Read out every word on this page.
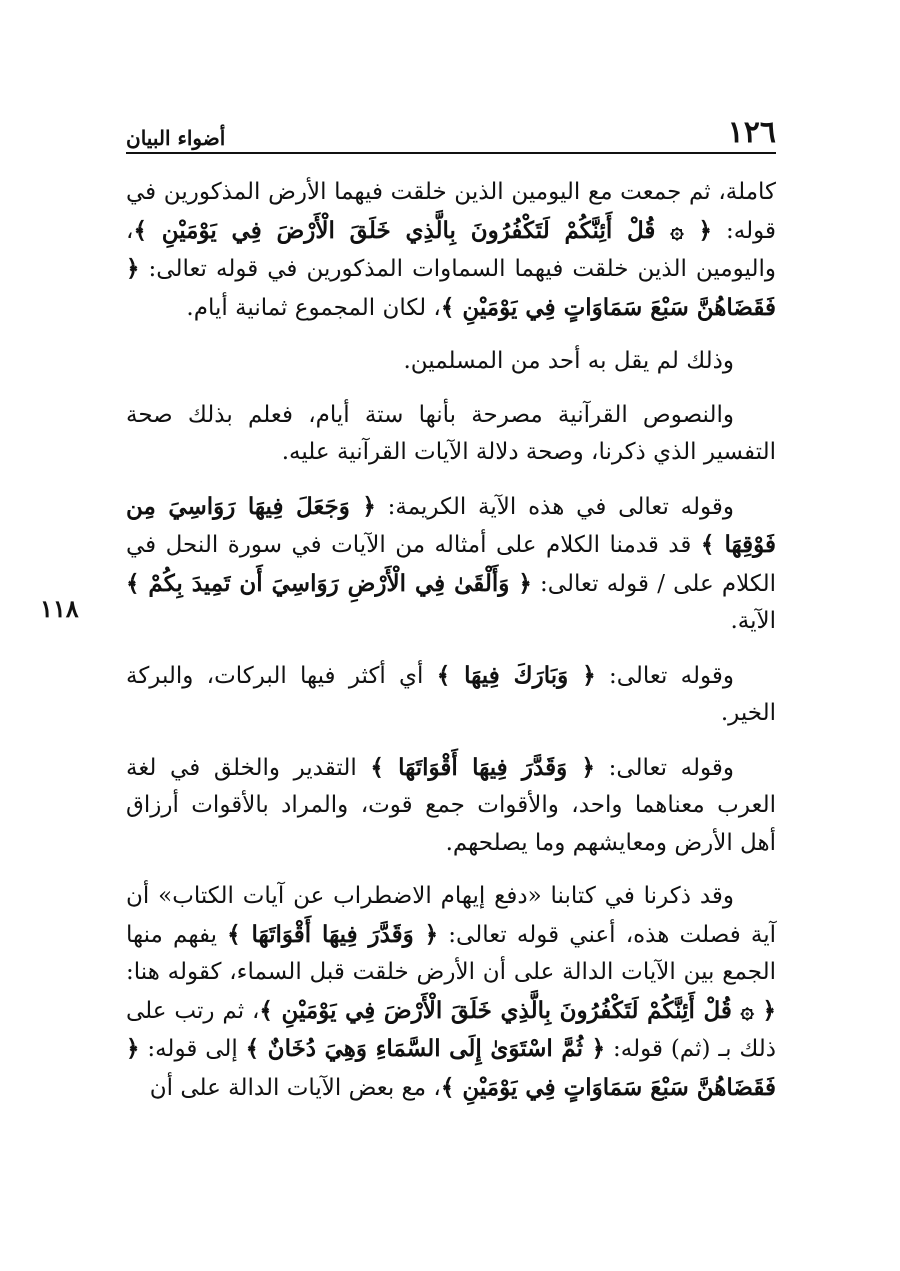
١٢٦
أضواء البيان
١١٨

كاملة، ثم جمعت مع اليومين الذين خلقت فيهما الأرض المذكورين في قوله: ﴿ ۞ قُلْ أَئِنَّكُمْ لَتَكْفُرُونَ بِالَّذِي خَلَقَ الْأَرْضَ فِي يَوْمَيْنِ ﴾، واليومين الذين خلقت فيهما السماوات المذكورين في قوله تعالى: ﴿ فَقَضَاهُنَّ سَبْعَ سَمَاوَاتٍ فِي يَوْمَيْنِ ﴾، لكان المجموع ثمانية أيام.

وذلك لم يقل به أحد من المسلمين.

والنصوص القرآنية مصرحة بأنها ستة أيام، فعلم بذلك صحة التفسير الذي ذكرنا، وصحة دلالة الآيات القرآنية عليه.

وقوله تعالى في هذه الآية الكريمة: ﴿ وَجَعَلَ فِيهَا رَوَاسِيَ مِن فَوْقِهَا ﴾ قد قدمنا الكلام على أمثاله من الآيات في سورة النحل في الكلام على / قوله تعالى: ﴿ وَأَلْقَىٰ فِي الْأَرْضِ رَوَاسِيَ أَن تَمِيدَ بِكُمْ ﴾ الآية.

وقوله تعالى: ﴿ وَبَارَكَ فِيهَا ﴾ أي أكثر فيها البركات، والبركة الخير.

وقوله تعالى: ﴿ وَقَدَّرَ فِيهَا أَقْوَاتَهَا ﴾ التقدير والخلق في لغة العرب معناهما واحد، والأقوات جمع قوت، والمراد بالأقوات أرزاق أهل الأرض ومعايشهم وما يصلحهم.

وقد ذكرنا في كتابنا «دفع إيهام الاضطراب عن آيات الكتاب» أن آية فصلت هذه، أعني قوله تعالى: ﴿ وَقَدَّرَ فِيهَا أَقْوَاتَهَا ﴾ يفهم منها الجمع بين الآيات الدالة على أن الأرض خلقت قبل السماء، كقوله هنا: ﴿ ۞ قُلْ أَئِنَّكُمْ لَتَكْفُرُونَ بِالَّذِي خَلَقَ الْأَرْضَ فِي يَوْمَيْنِ ﴾، ثم رتب على ذلك بـ (ثم) قوله: ﴿ ثُمَّ اسْتَوَىٰ إِلَى السَّمَاءِ وَهِيَ دُخَانٌ ﴾ إلى قوله: ﴿ فَقَضَاهُنَّ سَبْعَ سَمَاوَاتٍ فِي يَوْمَيْنِ ﴾، مع بعض الآيات الدالة على أن
